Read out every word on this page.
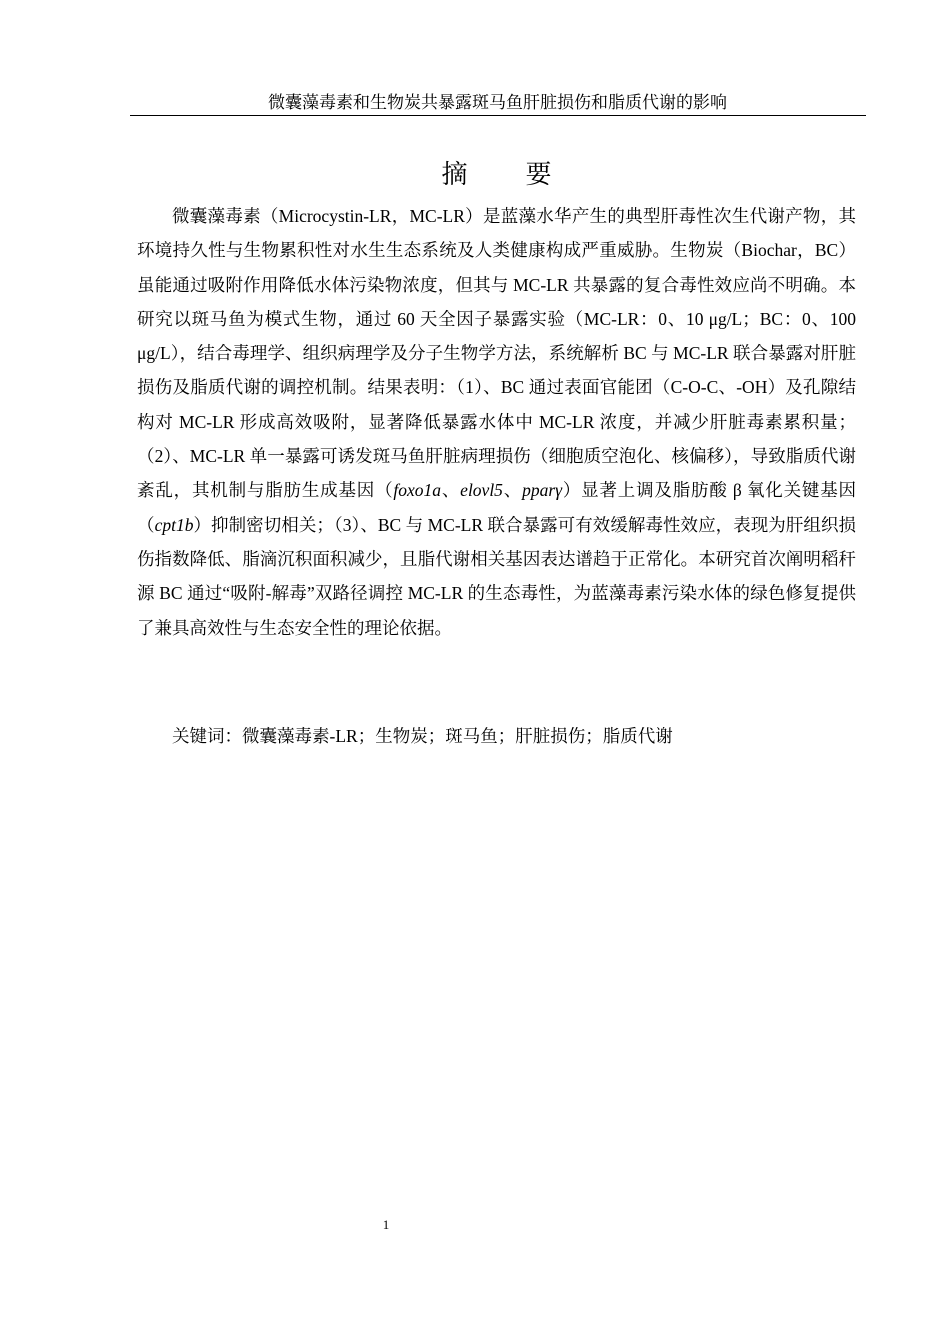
微囊藻毒素和生物炭共暴露斑马鱼肝脏损伤和脂质代谢的影响
摘　　要

微囊藻毒素（Microcystin-LR，MC-LR）是蓝藻水华产生的典型肝毒性次生代谢产物，其环境持久性与生物累积性对水生生态系统及人类健康构成严重威胁。生物炭（Biochar，BC）虽能通过吸附作用降低水体污染物浓度，但其与 MC-LR 共暴露的复合毒性效应尚不明确。本研究以斑马鱼为模式生物，通过 60 天全因子暴露实验（MC-LR：0、10 μg/L；BC：0、100 μg/L），结合毒理学、组织病理学及分子生物学方法，系统解析 BC 与 MC-LR 联合暴露对肝脏损伤及脂质代谢的调控机制。结果表明：（1）、BC 通过表面官能团（C-O-C、-OH）及孔隙结构对 MC-LR 形成高效吸附，显著降低暴露水体中 MC-LR 浓度，并减少肝脏毒素累积量；（2）、MC-LR 单一暴露可诱发斑马鱼肝脏病理损伤（细胞质空泡化、核偏移），导致脂质代谢紊乱，其机制与脂肪生成基因（foxo1a、elovl5、pparγ）显著上调及脂肪酸 β 氧化关键基因（cpt1b）抑制密切相关；（3）、BC 与 MC-LR 联合暴露可有效缓解毒性效应，表现为肝组织损伤指数降低、脂滴沉积面积减少，且脂代谢相关基因表达谱趋于正常化。本研究首次阐明稻秆源 BC 通过“吸附-解毒”双路径调控 MC-LR 的生态毒性，为蓝藻毒素污染水体的绿色修复提供了兼具高效性与生态安全性的理论依据。

关键词：微囊藻毒素-LR；生物炭；斑马鱼；肝脏损伤；脂质代谢

1
